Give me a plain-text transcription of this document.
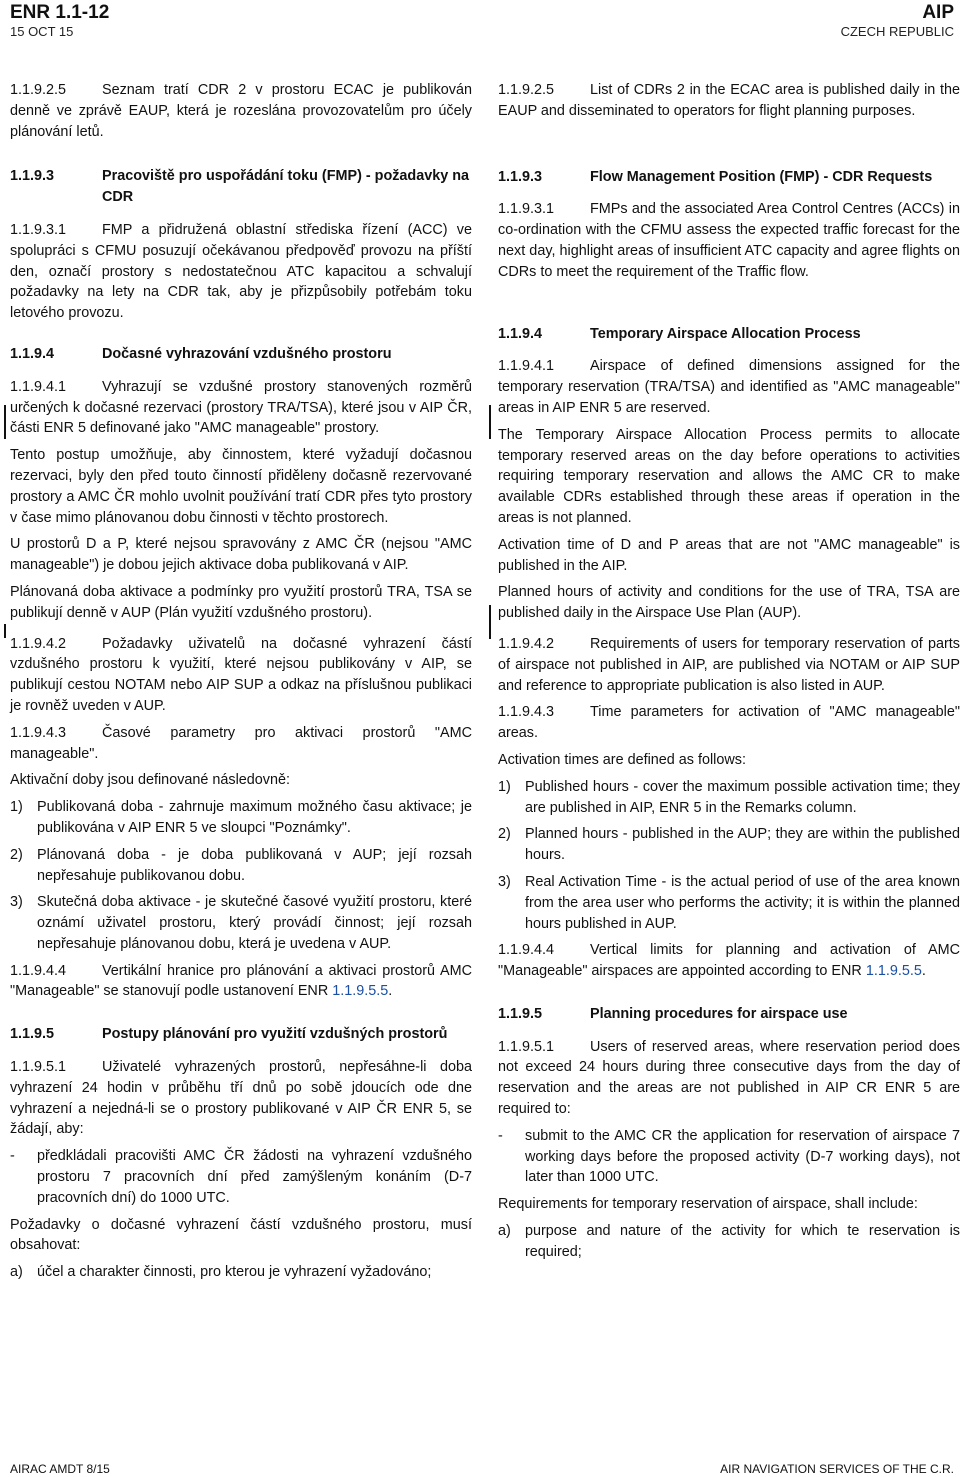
ENR 1.1-12
15 OCT 15
AIP
CZECH REPUBLIC

1.1.9.2.5 Seznam tratí CDR 2 v prostoru ECAC je publikován denně ve zprávě EAUP, která je rozeslána provozovatelům pro účely plánování letů.

1.1.9.3	Pracoviště pro uspořádání toku (FMP) - požadavky na CDR

1.1.9.3.1 FMP a přidružená oblastní střediska řízení (ACC) ve spolupráci s CFMU posuzují očekávanou předpověď provozu na příští den, označí prostory s nedostatečnou ATC kapacitou a schvalují požadavky na lety na CDR tak, aby je přizpůsobily potřebám toku letového provozu.

1.1.9.4	Dočasné vyhrazování vzdušného prostoru

1.1.9.4.1 Vyhrazují se vzdušné prostory stanovených rozměrů určených k dočasné rezervaci (prostory TRA/TSA), které jsou v AIP ČR, části ENR 5 definované jako "AMC manageable" prostory.

Tento postup umožňuje, aby činnostem, které vyžadují dočasnou rezervaci, byly den před touto činností přiděleny dočasně rezervované prostory a AMC ČR mohlo uvolnit používání tratí CDR přes tyto prostory v čase mimo plánovanou dobu činnosti v těchto prostorech.

U prostorů D a P, které nejsou spravovány z AMC ČR (nejsou "AMC manageable") je dobou jejich aktivace doba publikovaná v AIP.

Plánovaná doba aktivace a podmínky pro využití prostorů TRA, TSA se publikují denně v AUP (Plán využití vzdušného prostoru).

1.1.9.4.2 Požadavky uživatelů na dočasné vyhrazení částí vzdušného prostoru k využití, které nejsou publikovány v AIP, se publikují cestou NOTAM nebo AIP SUP a odkaz na příslušnou publikaci je rovněž uveden v AUP.

1.1.9.4.3 Časové parametry pro aktivaci prostorů "AMC manageable".

Aktivační doby jsou definované následovně:

1) Publikovaná doba - zahrnuje maximum možného času aktivace; je publikována v AIP ENR 5 ve sloupci "Poznámky".
2) Plánovaná doba - je doba publikovaná v AUP; její rozsah nepřesahuje publikovanou dobu.
3) Skutečná doba aktivace - je skutečné časové využití prostoru, které oznámí uživatel prostoru, který provádí činnost; její rozsah nepřesahuje plánovanou dobu, která je uvedena v AUP.

1.1.9.4.4 Vertikální hranice pro plánování a aktivaci prostorů AMC "Manageable" se stanovují podle ustanovení ENR 1.1.9.5.5.

1.1.9.5	Postupy plánování pro využití vzdušných prostorů

1.1.9.5.1 Uživatelé vyhrazených prostorů, nepřesáhne-li doba vyhrazení 24 hodin v průběhu tří dnů po sobě jdoucích ode dne vyhrazení a nejedná-li se o prostory publikované v AIP ČR ENR 5, se žádají, aby:

-	předkládali pracovišti AMC ČR žádosti na vyhrazení vzdušného prostoru 7 pracovních dní před zamýšleným konáním (D-7 pracovních dní) do 1000 UTC.

Požadavky o dočasné vyhrazení částí vzdušného prostoru, musí obsahovat:

a) účel a charakter činnosti, pro kterou je vyhrazení vyžadováno;

1.1.9.2.5 List of CDRs 2 in the ECAC area is published daily in the EAUP and disseminated to operators for flight planning purposes.

1.1.9.3	Flow Management Position (FMP) - CDR Requests

1.1.9.3.1 FMPs and the associated Area Control Centres (ACCs) in co-ordination with the CFMU assess the expected traffic forecast for the next day, highlight areas of insufficient ATC capacity and agree flights on CDRs to meet the requirement of the Traffic flow.

1.1.9.4	Temporary Airspace Allocation Process

1.1.9.4.1 Airspace of defined dimensions assigned for the temporary reservation (TRA/TSA) and identified as "AMC manageable" areas in AIP ENR 5 are reserved.

The Temporary Airspace Allocation Process permits to allocate temporary reserved areas on the day before operations to activities requiring temporary reservation and allows the AMC CR to make available CDRs established through these areas if operation in the areas is not planned.

Activation time of D and P areas that are not "AMC manageable" is published in the AIP.

Planned hours of activity and conditions for the use of TRA, TSA are published daily in the Airspace Use Plan (AUP).

1.1.9.4.2 Requirements of users for temporary reservation of parts of airspace not published in AIP, are published via NOTAM or AIP SUP and reference to appropriate publication is also listed in AUP.

1.1.9.4.3 Time parameters for activation of "AMC manageable" areas.

Activation times are defined as follows:

1) Published hours - cover the maximum possible activation time; they are published in AIP, ENR 5 in the Remarks column.
2) Planned hours - published in the AUP; they are within the published hours.
3) Real Activation Time - is the actual period of use of the area known from the area user who performs the activity; it is within the planned hours published in AUP.

1.1.9.4.4 Vertical limits for planning and activation of AMC "Manageable" airspaces are appointed according to ENR 1.1.9.5.5.

1.1.9.5	Planning procedures for airspace use

1.1.9.5.1 Users of reserved areas, where reservation period does not exceed 24 hours during three consecutive days from the day of reservation and the areas are not published in AIP CR ENR 5 are required to:

-	submit to the AMC CR the application for reservation of airspace 7 working days before the proposed activity (D-7 working days), not later than 1000 UTC.

Requirements for temporary reservation of airspace, shall include:

a) purpose and nature of the activity for which te reservation is required;
AIRAC AMDT 8/15	AIR NAVIGATION SERVICES OF THE C.R.
